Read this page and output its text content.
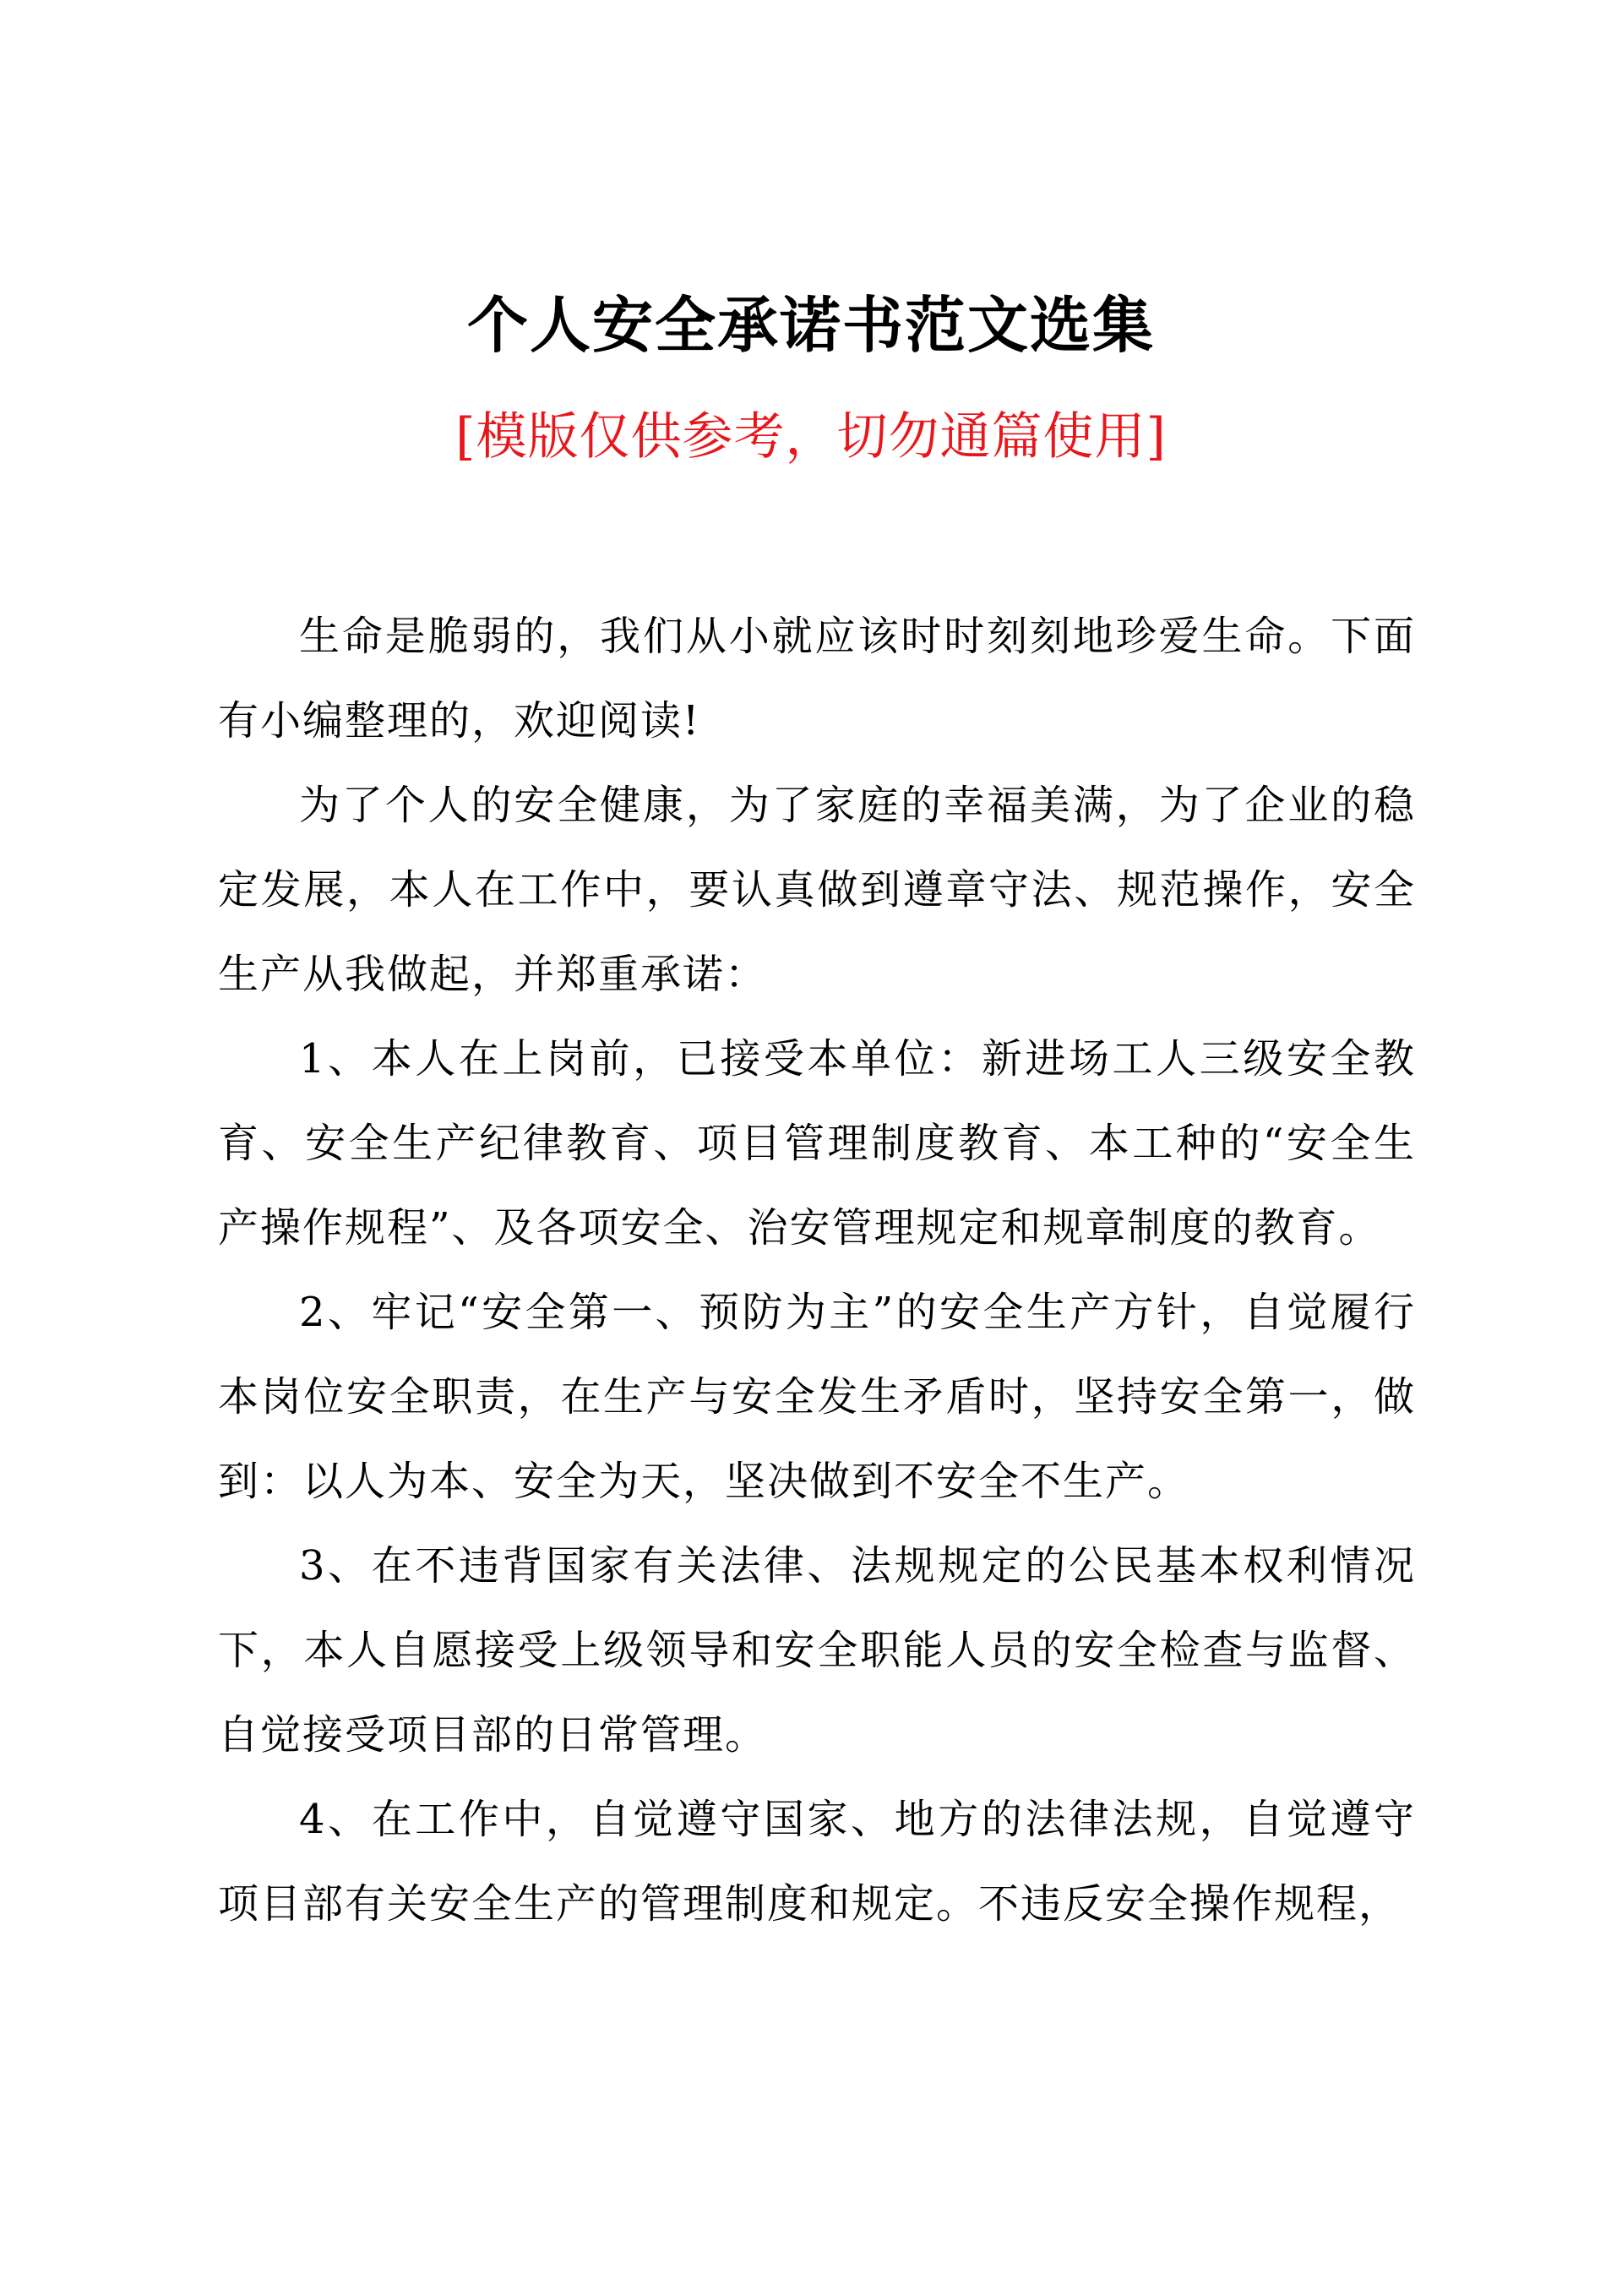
个人安全承诺书范文选集
[模版仅供参考，切勿通篇使用]

生命是脆弱的，我们从小就应该时时刻刻地珍爱生命。下面有小编整理的，欢迎阅读!

为了个人的安全健康，为了家庭的幸福美满，为了企业的稳定发展，本人在工作中，要认真做到遵章守法、规范操作，安全生产从我做起，并郑重承诺：

1、本人在上岗前，已接受本单位：新进场工人三级安全教育、安全生产纪律教育、项目管理制度教育、本工种的“安全生产操作规程”、及各项安全、治安管理规定和规章制度的教育。

2、牢记“安全第一、预防为主”的安全生产方针，自觉履行本岗位安全职责，在生产与安全发生矛盾时，坚持安全第一，做到：以人为本、安全为天，坚决做到不安全不生产。

3、在不违背国家有关法律、法规规定的公民基本权利情况下，本人自愿接受上级领导和安全职能人员的安全检查与监督、自觉接受项目部的日常管理。

4、在工作中，自觉遵守国家、地方的法律法规，自觉遵守项目部有关安全生产的管理制度和规定。不违反安全操作规程，
